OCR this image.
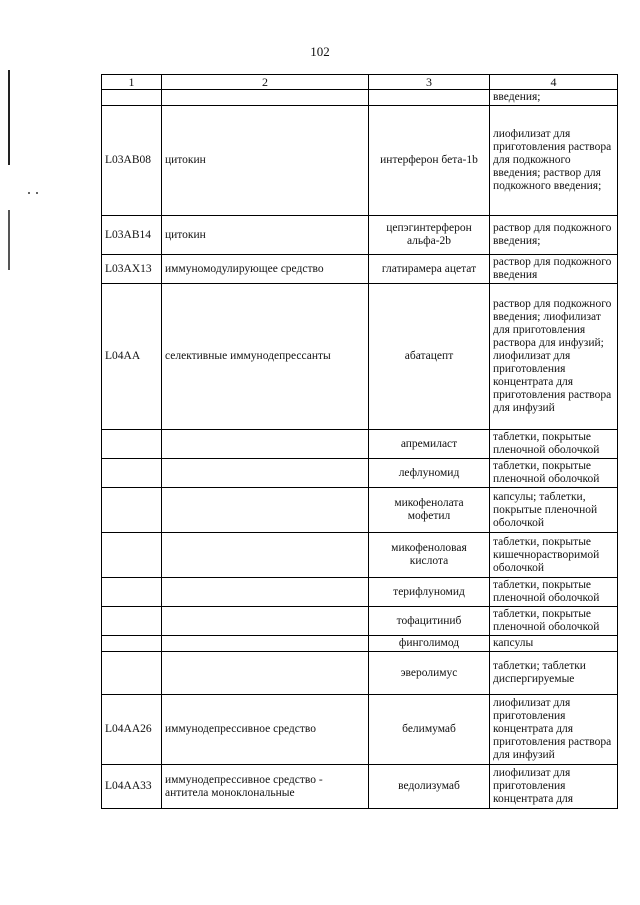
102
1	2	3	4
			введения;
L03AB08	цитокин	интерферон бета-1b	лиофилизат для приготовления раствора для подкожного введения; раствор для подкожного введения;
L03AB14	цитокин	цепэгинтерферон альфа-2b	раствор для подкожного введения;
L03AX13	иммуномодулирующее средство	глатирамера ацетат	раствор для подкожного введения
L04AA	селективные иммунодепрессанты	абатацепт	раствор для подкожного введения; лиофилизат для приготовления раствора для инфузий; лиофилизат для приготовления концентрата для приготовления раствора для инфузий
		апремиласт	таблетки, покрытые пленочной оболочкой
		лефлуномид	таблетки, покрытые пленочной оболочкой
		микофенолата мофетил	капсулы; таблетки, покрытые пленочной оболочкой
		микофеноловая кислота	таблетки, покрытые кишечнорастворимой оболочкой
		терифлуномид	таблетки, покрытые пленочной оболочкой
		тофацитиниб	таблетки, покрытые пленочной оболочкой
		финголимод	капсулы
		эверолимус	таблетки; таблетки диспергируемые
L04AA26	иммунодепрессивное средство	белимумаб	лиофилизат для приготовления концентрата для приготовления раствора для инфузий
L04AA33	иммунодепрессивное средство - антитела моноклональные	ведолизумаб	лиофилизат для приготовления концентрата для
